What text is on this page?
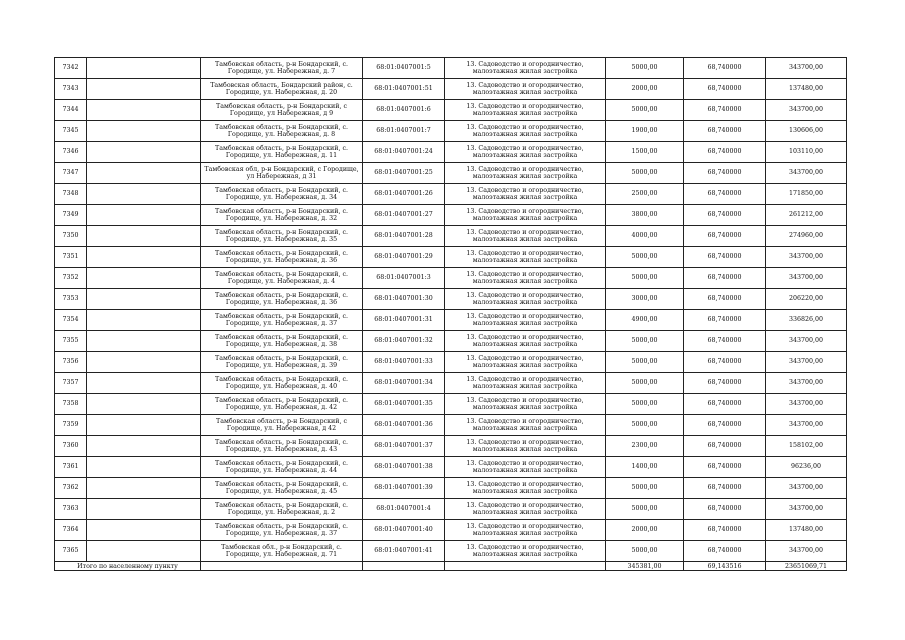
7342		Тамбовская область, р-н Бондарский, с. Городище, ул. Набережная, д. 7	68:01:0407001:5	13. Садоводство и огородничество, малоэтажная жилая застройка	5000,00	68,740000	343700,00
7343		Тамбовская область, Бондарский район, с. Городище, ул. Набережная, д. 20	68:01:0407001:51	13. Садоводство и огородничество, малоэтажная жилая застройка	2000,00	68,740000	137480,00
7344		Тамбовская область, р-н Бондарский, с Городище, ул Набережная, д 9	68:01:0407001:6	13. Садоводство и огородничество, малоэтажная жилая застройка	5000,00	68,740000	343700,00
7345		Тамбовская область, р-н Бондарский, с. Городище, ул. Набережная, д. 8	68:01:0407001:7	13. Садоводство и огородничество, малоэтажная жилая застройка	1900,00	68,740000	130606,00
7346		Тамбовская область, р-н Бондарский, с. Городище, ул. Набережная, д. 11	68:01:0407001:24	13. Садоводство и огородничество, малоэтажная жилая застройка	1500,00	68,740000	103110,00
7347		Тамбовская обл, р-н Бондарский, с Городище, ул Набережная, д 31	68:01:0407001:25	13. Садоводство и огородничество, малоэтажная жилая застройка	5000,00	68,740000	343700,00
7348		Тамбовская область, р-н Бондарский, с. Городище, ул. Набережная, д. 34	68:01:0407001:26	13. Садоводство и огородничество, малоэтажная жилая застройка	2500,00	68,740000	171850,00
7349		Тамбовская область, р-н Бондарский, с. Городище, ул. Набережная, д. 32	68:01:0407001:27	13. Садоводство и огородничество, малоэтажная жилая застройка	3800,00	68,740000	261212,00
7350		Тамбовская область, р-н Бондарский, с. Городище, ул. Набережная, д. 35	68:01:0407001:28	13. Садоводство и огородничество, малоэтажная жилая застройка	4000,00	68,740000	274960,00
7351		Тамбовская область, р-н Бондарский, с. Городище, ул. Набережная, д. 36	68:01:0407001:29	13. Садоводство и огородничество, малоэтажная жилая застройка	5000,00	68,740000	343700,00
7352		Тамбовская область, р-н Бондарский, с. Городище, ул. Набережная, д. 4	68:01:0407001:3	13. Садоводство и огородничество, малоэтажная жилая застройка	5000,00	68,740000	343700,00
7353		Тамбовская область, р-н Бондарский, с. Городище, ул. Набережная, д. 36	68:01:0407001:30	13. Садоводство и огородничество, малоэтажная жилая застройка	3000,00	68,740000	206220,00
7354		Тамбовская область, р-н Бондарский, с. Городище, ул. Набережная, д. 37	68:01:0407001:31	13. Садоводство и огородничество, малоэтажная жилая застройка	4900,00	68,740000	336826,00
7355		Тамбовская область, р-н Бондарский, с. Городище, ул. Набережная, д. 38	68:01:0407001:32	13. Садоводство и огородничество, малоэтажная жилая застройка	5000,00	68,740000	343700,00
7356		Тамбовская область, р-н Бондарский, с. Городище, ул. Набережная, д. 39	68:01:0407001:33	13. Садоводство и огородничество, малоэтажная жилая застройка	5000,00	68,740000	343700,00
7357		Тамбовская область, р-н Бондарский, с. Городище, ул. Набережная, д. 40	68:01:0407001:34	13. Садоводство и огородничество, малоэтажная жилая застройка	5000,00	68,740000	343700,00
7358		Тамбовская область, р-н Бондарский, с. Городище, ул. Набережная, д. 42	68:01:0407001:35	13. Садоводство и огородничество, малоэтажная жилая застройка	5000,00	68,740000	343700,00
7359		Тамбовская область, р-н Бондарский, с Городище, ул. Набережная, д 42	68:01:0407001:36	13. Садоводство и огородничество, малоэтажная жилая застройка	5000,00	68,740000	343700,00
7360		Тамбовская область, р-н Бондарский, с. Городище, ул. Набережная, д. 43	68:01:0407001:37	13. Садоводство и огородничество, малоэтажная жилая застройка	2300,00	68,740000	158102,00
7361		Тамбовская область, р-н Бондарский, с. Городище, ул. Набережная, д. 44	68:01:0407001:38	13. Садоводство и огородничество, малоэтажная жилая застройка	1400,00	68,740000	96236,00
7362		Тамбовская область, р-н Бондарский, с. Городище, ул. Набережная, д. 45	68:01:0407001:39	13. Садоводство и огородничество, малоэтажная жилая застройка	5000,00	68,740000	343700,00
7363		Тамбовская область, р-н Бондарский, с. Городище, ул. Набережная, д. 2	68:01:0407001:4	13. Садоводство и огородничество, малоэтажная жилая застройка	5000,00	68,740000	343700,00
7364		Тамбовская область, р-н Бондарский, с. Городище, ул. Набережная, д. 37	68:01:0407001:40	13. Садоводство и огородничество, малоэтажная жилая застройка	2000,00	68,740000	137480,00
7365		Тамбовская обл., р-н Бондарский, с. Городище, ул. Набережная, д. 71	68:01:0407001:41	13. Садоводство и огородничество, малоэтажная жилая застройка	5000,00	68,740000	343700,00
Итого по населенному пункту					345381,00	69,143516	23651069,71
